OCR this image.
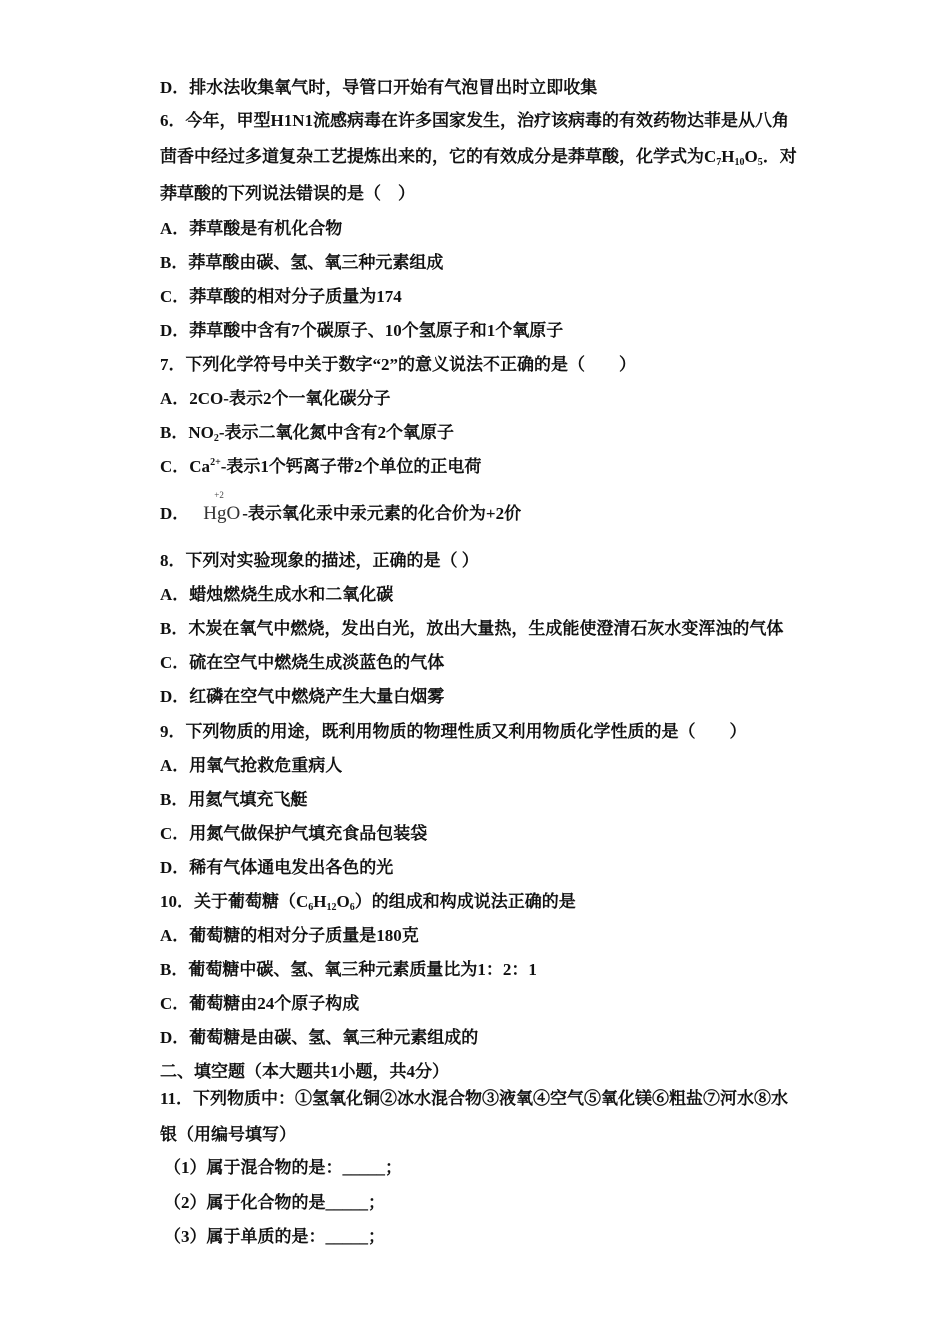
D．排水法收集氧气时，导管口开始有气泡冒出时立即收集
6．今年，甲型H1N1流感病毒在许多国家发生，治疗该病毒的有效药物达菲是从八角
茴香中经过多道复杂工艺提炼出来的，它的有效成分是莽草酸，化学式为$C_7H_{10}O_5$．对
莽草酸的下列说法错误的是（　）
A．莽草酸是有机化合物
B．莽草酸由碳、氢、氧三种元素组成
C．莽草酸的相对分子质量为174
D．莽草酸中含有7个碳原子、10个氢原子和1个氧原子
7．下列化学符号中关于数字“2”的意义说法不正确的是（　　）
A．2CO-表示2个一氧化碳分子
B．$NO_2-$表示二氧化氮中含有2个氧原子
C．$Ca^{2+}-$表示1个钙离子带2个单位的正电荷
D．
+2
HgO -表示氧化汞中汞元素的化合价为+2价
8．下列对实验现象的描述，正确的是（ ）
A．蜡烛燃烧生成水和二氧化碳
B．木炭在氧气中燃烧，发出白光，放出大量热，生成能使澄清石灰水变浑浊的气体
C．硫在空气中燃烧生成淡蓝色的气体
D．红磷在空气中燃烧产生大量白烟雾
9．下列物质的用途，既利用物质的物理性质又利用物质化学性质的是（　　）
A．用氧气抢救危重病人
B．用氦气填充飞艇
C．用氮气做保护气填充食品包装袋
D．稀有气体通电发出各色的光
10．关于葡萄糖$(C_6H_{12}O_6)$的组成和构成说法正确的是
A．葡萄糖的相对分子质量是180克
B．葡萄糖中碳、氢、氧三种元素质量比为1：2：1
C．葡萄糖由24个原子构成
D．葡萄糖是由碳、氢、氧三种元素组成的
二、填空题（本大题共1小题，共4分）
11．下列物质中：①氢氧化铜②冰水混合物③液氧④空气⑤氧化镁⑥粗盐⑦河水⑧水
银（用编号填写）
（1）属于混合物的是：_____；
（2）属于化合物的是_____；
（3）属于单质的是：_____；
